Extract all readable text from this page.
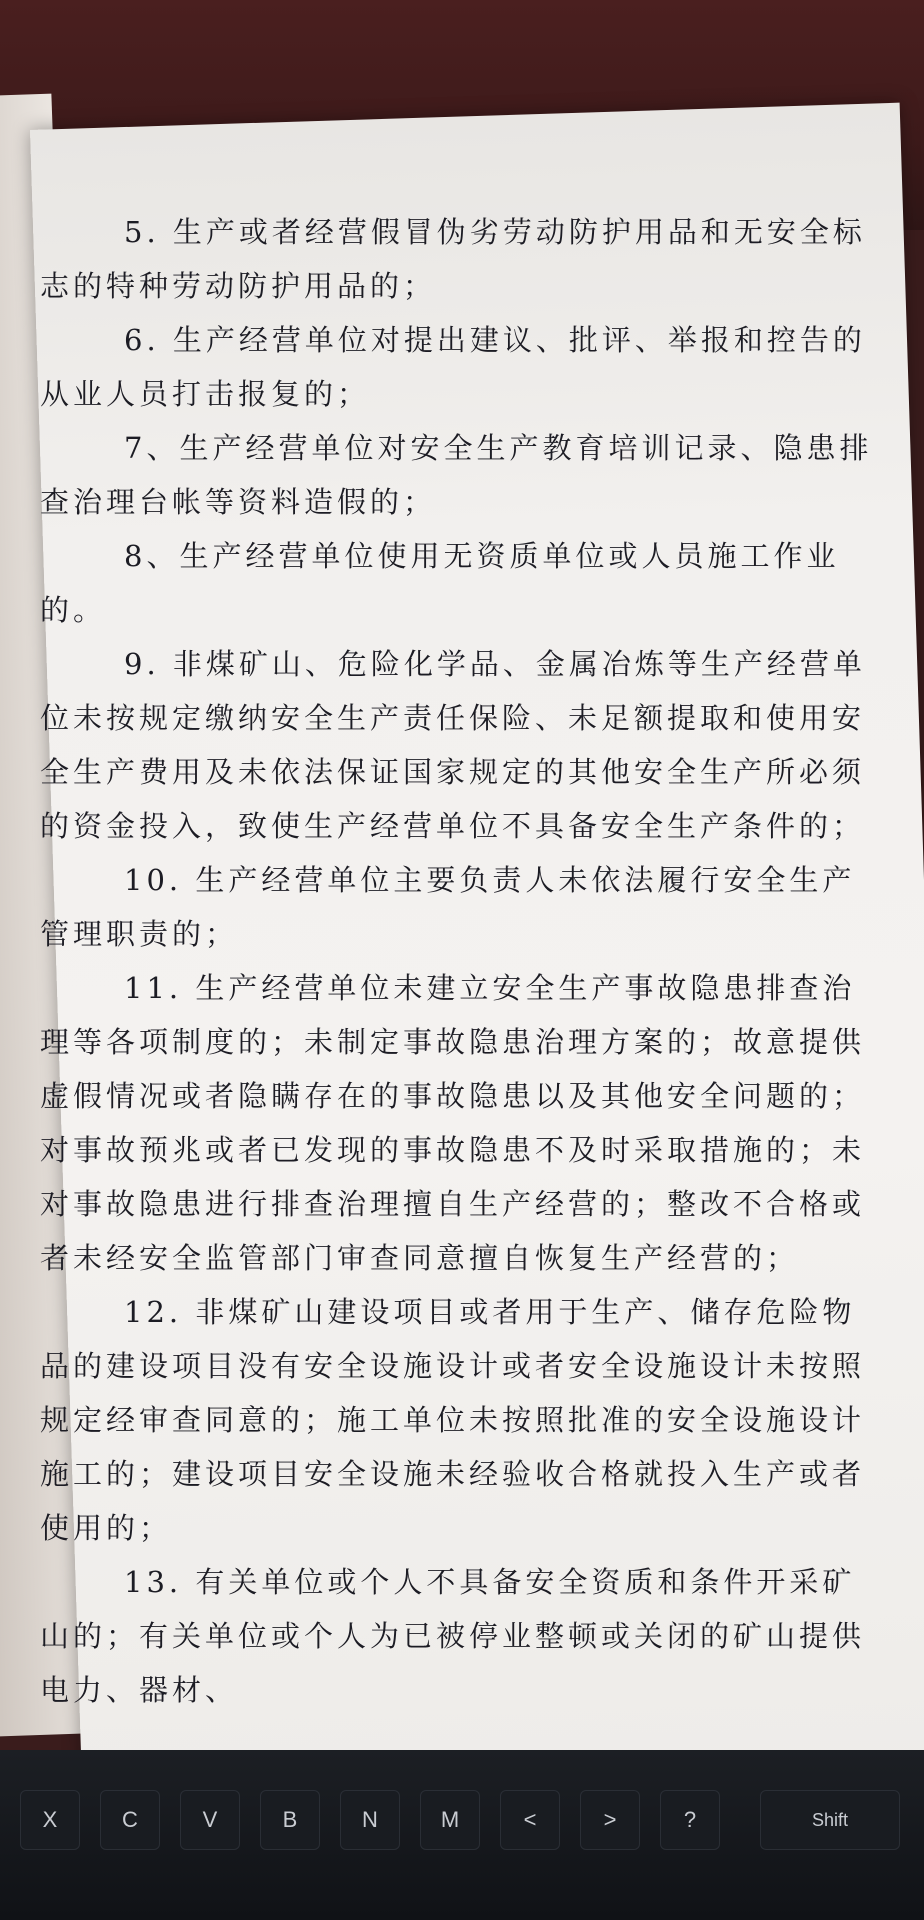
5. 生产或者经营假冒伪劣劳动防护用品和无安全标志的特种劳动防护用品的；

6. 生产经营单位对提出建议、批评、举报和控告的从业人员打击报复的；

7、生产经营单位对安全生产教育培训记录、隐患排查治理台帐等资料造假的；

8、生产经营单位使用无资质单位或人员施工作业的。

9. 非煤矿山、危险化学品、金属冶炼等生产经营单位未按规定缴纳安全生产责任保险、未足额提取和使用安全生产费用及未依法保证国家规定的其他安全生产所必须的资金投入，致使生产经营单位不具备安全生产条件的；

10. 生产经营单位主要负责人未依法履行安全生产管理职责的；

11. 生产经营单位未建立安全生产事故隐患排查治理等各项制度的；未制定事故隐患治理方案的；故意提供虚假情况或者隐瞒存在的事故隐患以及其他安全问题的；对事故预兆或者已发现的事故隐患不及时采取措施的；未对事故隐患进行排查治理擅自生产经营的；整改不合格或者未经安全监管部门审查同意擅自恢复生产经营的；

12. 非煤矿山建设项目或者用于生产、储存危险物品的建设项目没有安全设施设计或者安全设施设计未按照规定经审查同意的；施工单位未按照批准的安全设施设计施工的；建设项目安全设施未经验收合格就投入生产或者使用的；

13. 有关单位或个人不具备安全资质和条件开采矿山的；有关单位或个人为已被停业整顿或关闭的矿山提供电力、器材、

X	C	V	B	N	M	<	>	?	Shift
